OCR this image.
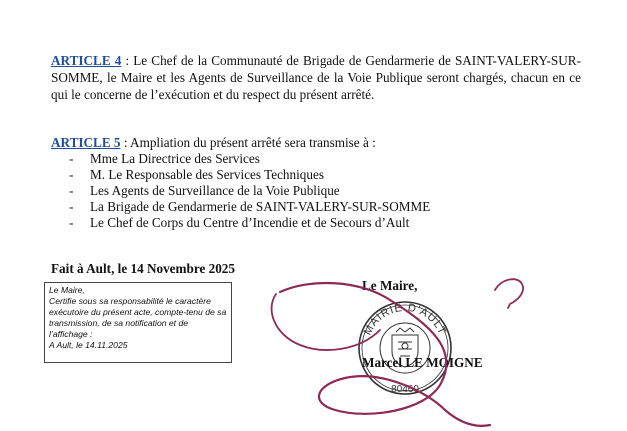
ARTICLE 4 : Le Chef de la Communauté de Brigade de Gendarmerie de SAINT-VALERY-SUR-SOMME, le Maire et les Agents de Surveillance de la Voie Publique seront chargés, chacun en ce qui le concerne de l’exécution et du respect du présent arrêté.

ARTICLE 5 : Ampliation du présent arrêté sera transmise à :
- Mme La Directrice des Services
- M. Le Responsable des Services Techniques
- Les Agents de Surveillance de la Voie Publique
- La Brigade de Gendarmerie de SAINT-VALERY-SUR-SOMME
- Le Chef de Corps du Centre d’Incendie et de Secours d’Ault
Fait à Ault, le 14 Novembre 2025
Le Maire,
Certifie sous sa responsabilité le caractère exécutoire du présent acte, compte-tenu de sa transmission, de sa notification et de l’affichage :
A Ault, le 14.11.2025
MAIRIE D'AULT
80460
Le Maire,
Marcel LE MOIGNE
